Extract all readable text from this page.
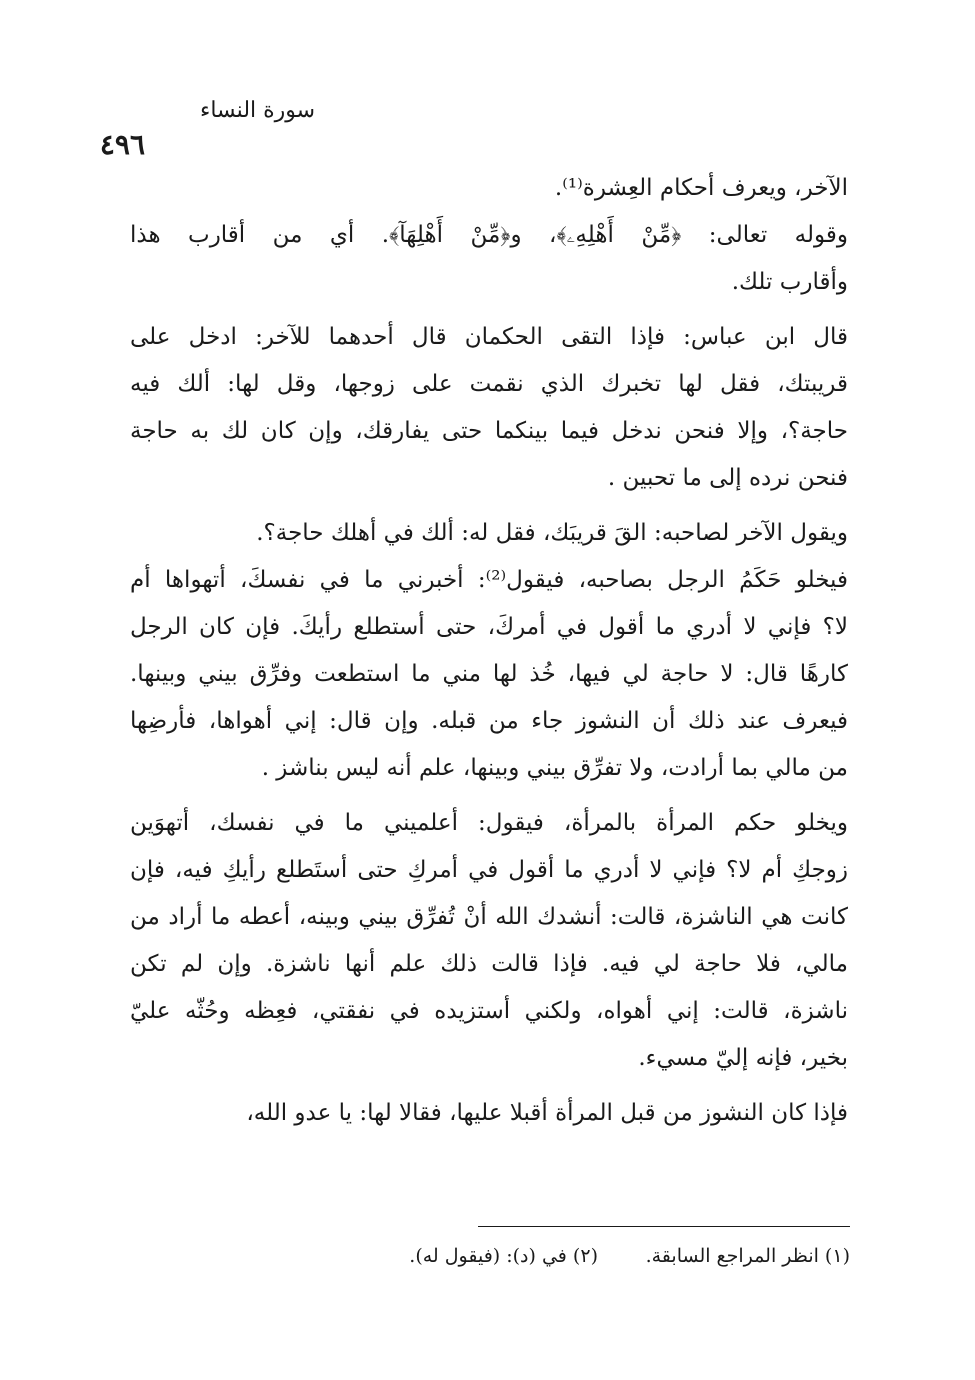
٤٩٦
سورة النساء
الآخر، ويعرف أحكام العِشرة⁽¹⁾.
وقوله تعالى: ﴿مِّنْ أَهْلِهِۦ﴾، و﴿مِّنْ أَهْلِهَآ﴾. أي من أقارب هذا
وأقارب تلك.
قال ابن عباس: فإذا التقى الحكمان قال أحدهما للآخر: ادخل على
قريبتك، فقل لها تخبرك الذي نقمت على زوجها، وقل لها: ألك فيه
حاجة؟، وإلا فنحن ندخل فيما بينكما حتى يفارقك، وإن كان لك به حاجة
فنحن نرده إلى ما تحبين .
ويقول الآخر لصاحبه: القَ قريبَك، فقل له: ألك في أهلك حاجة؟.
فيخلو حَكَمُ الرجل بصاحبه، فيقول⁽²⁾: أخبرني ما في نفسكَ، أتهواها أم
لا؟ فإني لا أدري ما أقول في أمركَ، حتى أستطلع رأيكَ. فإن كان الرجل
كارهًا قال: لا حاجة لي فيها، خُذ لها مني ما استطعت وفرِّق بيني وبينها.
فيعرف عند ذلك أن النشوز جاء من قبله. وإن قال: إني أهواها، فأرضِها
من مالي بما أرادت، ولا تفرِّق بيني وبينها، علم أنه ليس بناشز .
ويخلو حكم المرأة بالمرأة، فيقول: أعلميني ما في نفسك، أتهوَين
زوجكِ أم لا؟ فإني لا أدري ما أقول في أمركِ حتى أستَطلع رأيكِ فيه، فإن
كانت هي الناشزة، قالت: أنشدك الله أنْ تُفرِّق بيني وبينه، أعطه ما أراد من
مالي، فلا حاجة لي فيه. فإذا قالت ذلك علم أنها ناشزة. وإن لم تكن
ناشزة، قالت: إني أهواه، ولكني أستزيده في نفقتي، فعِظه وحُثّه عليّ
بخير، فإنه إليّ مسيء.
فإذا كان النشوز من قبل المرأة أقبلا عليها، فقالا لها: يا عدو الله،
(١) انظر المراجع السابقة.
(٢) في (د): (فيقول له).
